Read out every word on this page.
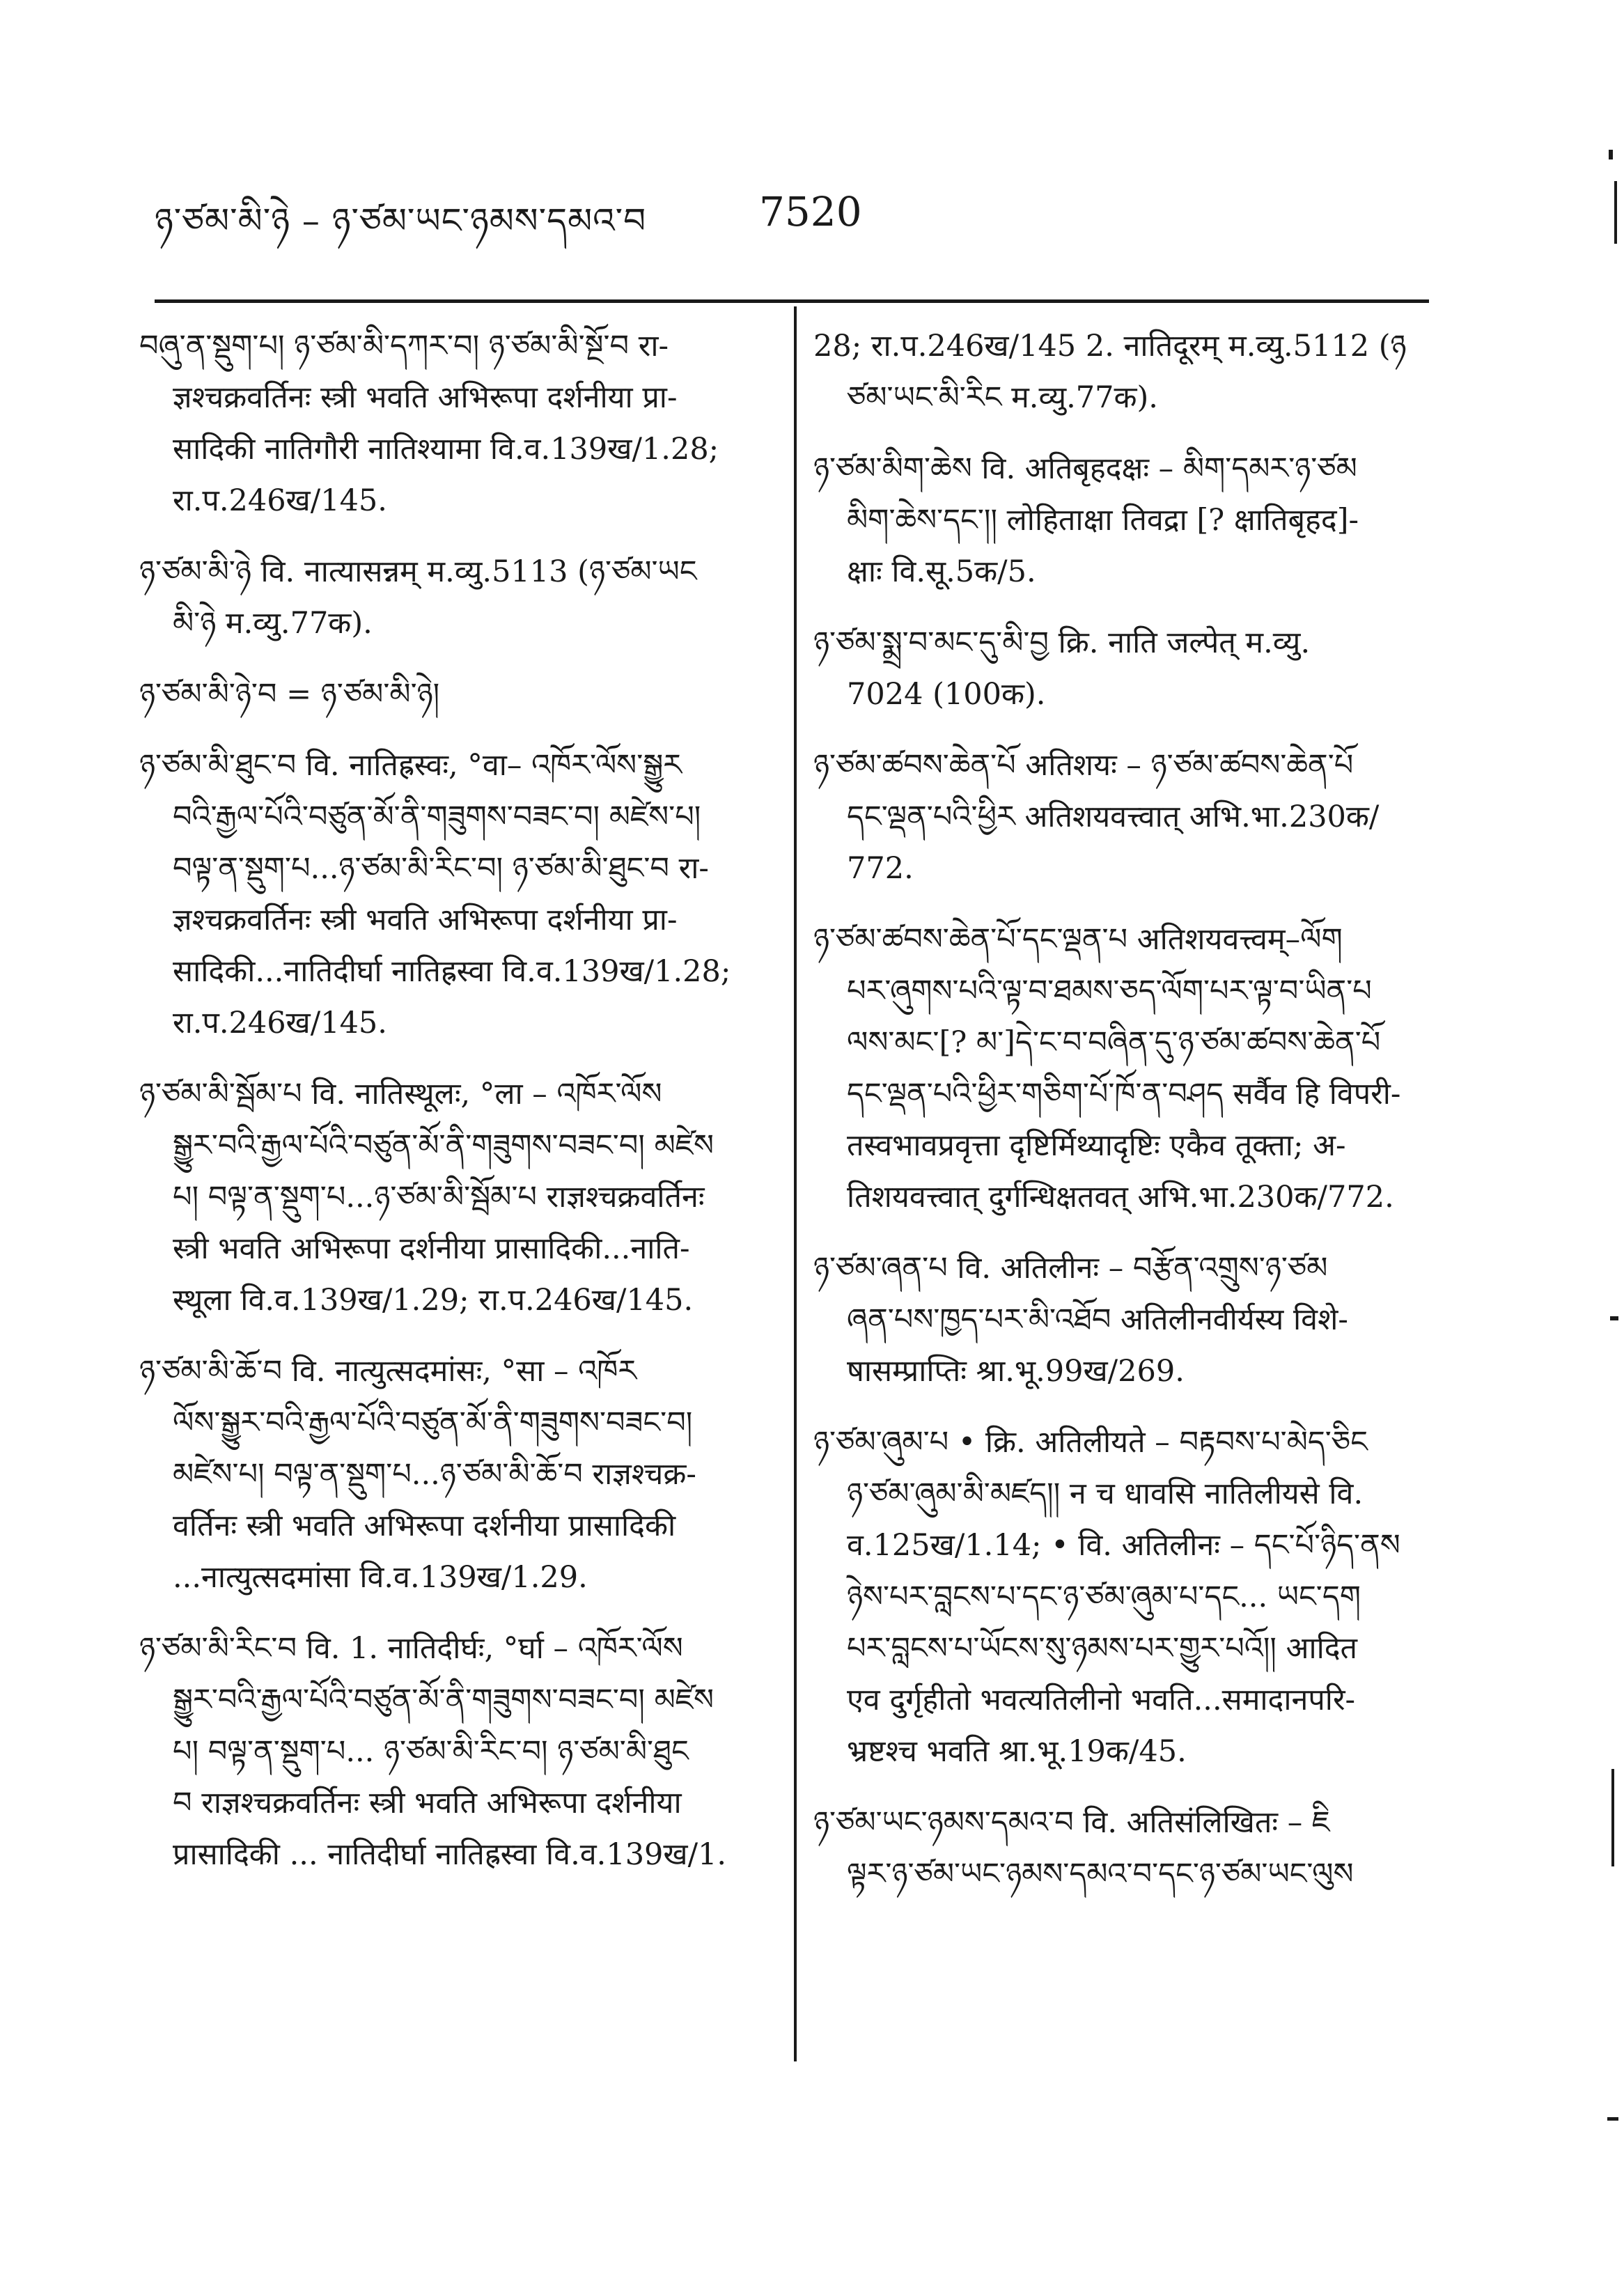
ཉ་ཙམ་མི་ཉེ – ཉ་ཙམ་ཡང་ཉམས་དམའ་བ	7520
བཞུ་ན་སྡུག་པ། ཉ་ཙམ་མི་དཀར་བ། ཉ་ཙམ་མི་སྔོ་བ रा-
ज्ञश्चक्रवर्तिनः स्त्री भवति अभिरूपा दर्शनीया प्रा-
सादिकी नातिगौरी नातिश्यामा वि.व.139ख/1.28;
रा.प.246ख/145.
ཉ་ཙམ་མི་ཉེ वि. नात्यासन्नम् म.व्यु.5113 (ཉ་ཙམ་ཡང
མི་ཉེ म.व्यु.77क).
ཉ་ཙམ་མི་ཉེ་བ = ཉ་ཙམ་མི་ཉེ།
ཉ་ཙམ་མི་ཐུང་བ वि. नातिह्रस्वः, °वा– འཁོར་ལོས་སྒྱུར
བའི་རྒྱལ་པོའི་བཙུན་མོ་ནི་གཟུགས་བཟང་བ། མཛེས་པ།
བལྟ་ན་སྡུག་པ...ཉ་ཙམ་མི་རིང་བ། ཉ་ཙམ་མི་ཐུང་བ रा-
ज्ञश्चक्रवर्तिनः स्त्री भवति अभिरूपा दर्शनीया प्रा-
सादिकी...नातिदीर्घा नातिह्रस्वा वि.व.139ख/1.28;
रा.प.246ख/145.
ཉ་ཙམ་མི་སྦོམ་པ वि. नातिस्थूलः, °ला – འཁོར་ལོས
སྒྱུར་བའི་རྒྱལ་པོའི་བཙུན་མོ་ནི་གཟུགས་བཟང་བ། མཛེས
པ། བལྟ་ན་སྡུག་པ...ཉ་ཙམ་མི་སྦོམ་པ राज्ञश्चक्रवर्तिनः
स्त्री भवति अभिरूपा दर्शनीया प्रासादिकी...नाति-
स्थूला वि.व.139ख/1.29; रा.प.246ख/145.
ཉ་ཙམ་མི་ཆོ་བ वि. नात्युत्सदमांसः, °सा – འཁོར
ལོས་སྒྱུར་བའི་རྒྱལ་པོའི་བཙུན་མོ་ནི་གཟུགས་བཟང་བ།
མཛེས་པ། བལྟ་ན་སྡུག་པ...ཉ་ཙམ་མི་ཆོ་བ राज्ञश्चक्र-
वर्तिनः स्त्री भवति अभिरूपा दर्शनीया प्रासादिकी
...नात्युत्सदमांसा वि.व.139ख/1.29.
ཉ་ཙམ་མི་རིང་བ वि. 1. नातिदीर्घः, °र्घा – འཁོར་ལོས
སྒྱུར་བའི་རྒྱལ་པོའི་བཙུན་མོ་ནི་གཟུགས་བཟང་བ། མཛེས
པ། བལྟ་ན་སྡུག་པ... ཉ་ཙམ་མི་རིང་བ། ཉ་ཙམ་མི་ཐུང
བ राज्ञश्चक्रवर्तिनः स्त्री भवति अभिरूपा दर्शनीया
प्रासादिकी ... नातिदीर्घा नातिह्रस्वा वि.व.139ख/1.
28; रा.प.246ख/145 2. नातिदूरम् म.व्यु.5112 (ཉ
ཙམ་ཡང་མི་རིང म.व्यु.77क).
ཉ་ཙམ་མིག་ཆེས वि. अतिबृहदक्षः – མིག་དམར་ཉ་ཙམ
མིག་ཆེས་དང་།། लोहिताक्षा तिवद्रा [? क्षातिबृहद]-
क्षाः वि.सू.5क/5.
ཉ་ཙམ་སྨྲ་བ་མང་དུ་མི་བྱ क्रि. नाति जल्पेत् म.व्यु.
7024 (100क).
ཉ་ཙམ་ཚབས་ཆེན་པོ अतिशयः – ཉ་ཙམ་ཚབས་ཆེན་པོ
དང་ལྡན་པའི་ཕྱིར अतिशयवत्त्वात् अभि.भा.230क/
772.
ཉ་ཙམ་ཚབས་ཆེན་པོ་དང་ལྡན་པ अतिशयवत्त्वम्–ལོག
པར་ཞུགས་པའི་ལྟ་བ་ཐམས་ཅད་ལོག་པར་ལྟ་བ་ཡིན་པ
ལས་མང་[? མ་]དེ་ང་བ་བཞིན་དུ་ཉ་ཙམ་ཚབས་ཆེན་པོ
དང་ལྡན་པའི་ཕྱིར་གཅིག་པོ་ཁོ་ན་བཤད सर्वैव हि विपरी-
तस्वभावप्रवृत्ता दृष्टिर्मिथ्यादृष्टिः एकैव तूक्ता; अ-
तिशयवत्त्वात् दुर्गन्धिक्षतवत् अभि.भा.230क/772.
ཉ་ཙམ་ཞན་པ वि. अतिलीनः – བརྩོན་འགྲུས་ཉ་ཙམ
ཞན་པས་ཁྱད་པར་མི་འཐོབ अतिलीनवीर्यस्य विशे-
षासम्प्राप्तिः श्रा.भू.99ख/269.
ཉ་ཙམ་ཞུམ་པ • क्रि. अतिलीयते – བརྟབས་པ་མེད་ཅིང
ཉ་ཙམ་ཞུམ་མི་མཛད།། न च धावसि नातिलीयसे वि.
व.125ख/1.14; • वि. अतिलीनः – དང་པོ་ཉིད་ནས
ཉེས་པར་བླངས་པ་དང་ཉ་ཙམ་ཞུམ་པ་དང... ཡང་དག
པར་བླངས་པ་ཡོངས་སུ་ཉམས་པར་གྱུར་པའོ།། आदित
एव दुर्गृहीतो भवत्यतिलीनो भवति...समादानपरि-
भ्रष्टश्च भवति श्रा.भू.19क/45.
ཉ་ཙམ་ཡང་ཉམས་དམའ་བ वि. अतिसंलिखितः – ཇི
ལྟར་ཉ་ཙམ་ཡང་ཉམས་དམའ་བ་དང་ཉ་ཙམ་ཡང་ལུས
